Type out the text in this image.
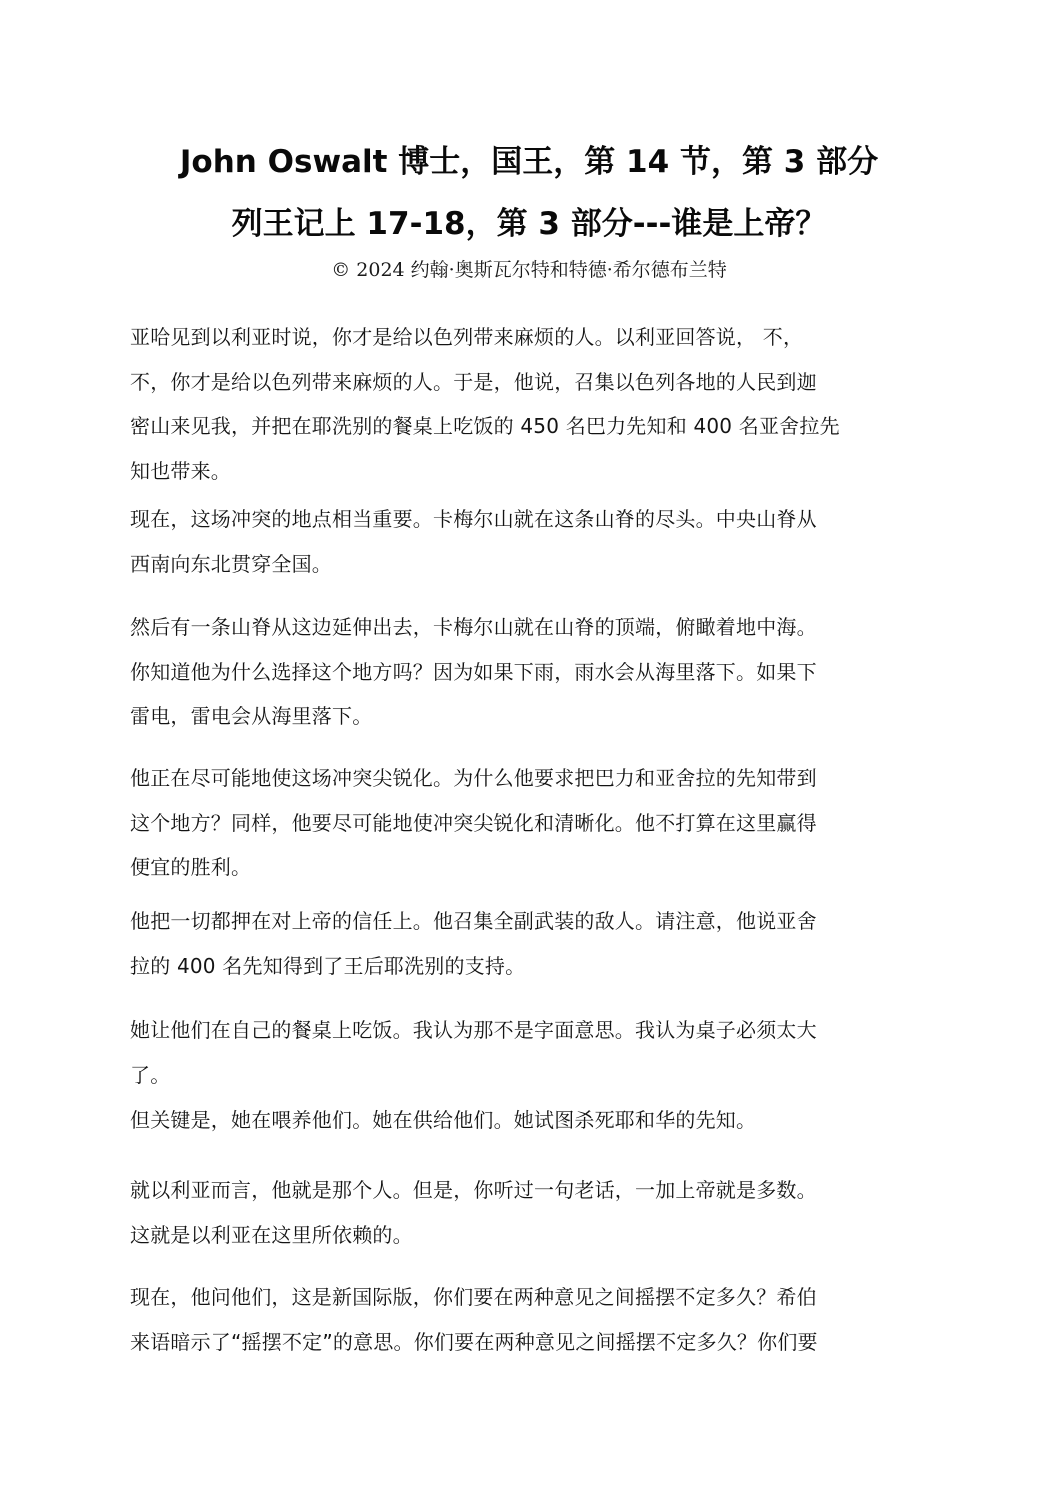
John Oswalt 博士，国王，第 14 节，第 3 部分
列王记上 17-18，第 3 部分---谁是上帝？
© 2024 约翰·奥斯瓦尔特和特德·希尔德布兰特
亚哈见到以利亚时说，你才是给以色列带来麻烦的人。以利亚回答说， 不，
不，你才是给以色列带来麻烦的人。于是，他说，召集以色列各地的人民到迦
密山来见我，并把在耶洗别的餐桌上吃饭的 450 名巴力先知和 400 名亚舍拉先
知也带来。
现在，这场冲突的地点相当重要。卡梅尔山就在这条山脊的尽头。中央山脊从
西南向东北贯穿全国。
然后有一条山脊从这边延伸出去，卡梅尔山就在山脊的顶端，俯瞰着地中海。
你知道他为什么选择这个地方吗？因为如果下雨，雨水会从海里落下。如果下
雷电，雷电会从海里落下。
他正在尽可能地使这场冲突尖锐化。为什么他要求把巴力和亚舍拉的先知带到
这个地方？同样，他要尽可能地使冲突尖锐化和清晰化。他不打算在这里赢得
便宜的胜利。
他把一切都押在对上帝的信任上。他召集全副武装的敌人。请注意，他说亚舍
拉的 400 名先知得到了王后耶洗别的支持。
她让他们在自己的餐桌上吃饭。我认为那不是字面意思。我认为桌子必须太大
了。
但关键是，她在喂养他们。她在供给他们。她试图杀死耶和华的先知。
就以利亚而言，他就是那个人。但是，你听过一句老话，一加上帝就是多数。
这就是以利亚在这里所依赖的。
现在，他问他们，这是新国际版，你们要在两种意见之间摇摆不定多久？希伯
来语暗示了“摇摆不定”的意思。你们要在两种意见之间摇摆不定多久？你们要
